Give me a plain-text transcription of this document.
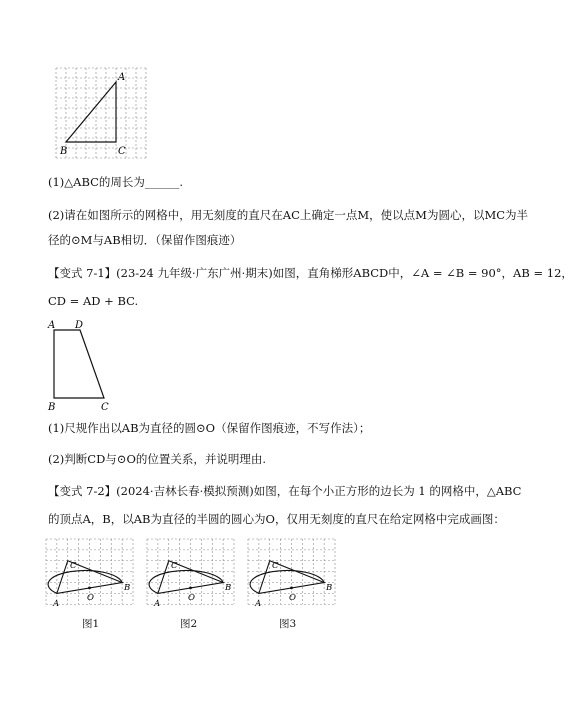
A
B	C
(1)△ABC的周长为______.
(2)请在如图所示的网格中，用无刻度的直尺在AC上确定一点M，使以点M为圆心，以MC为半
径的⊙M与AB相切．（保留作图痕迹）
【变式 7-1】(23-24 九年级·广东广州·期末)如图，直角梯形ABCD中，∠A = ∠B = 90°，AB = 12，
CD = AD + BC.
A D
B	C
(1)尺规作出以AB为直径的圆⊙O（保留作图痕迹，不写作法）；
(2)判断CD与⊙O的位置关系，并说明理由.
【变式 7-2】(2024·吉林长春·模拟预测)如图，在每个小正方形的边长为 1 的网格中，△ABC
的顶点A，B，以AB为直径的半圆的圆心为O，仅用无刻度的直尺在给定网格中完成画图：
A
B
C
O
A
B
C
O
A
B
C
O
图1	图2	图3
